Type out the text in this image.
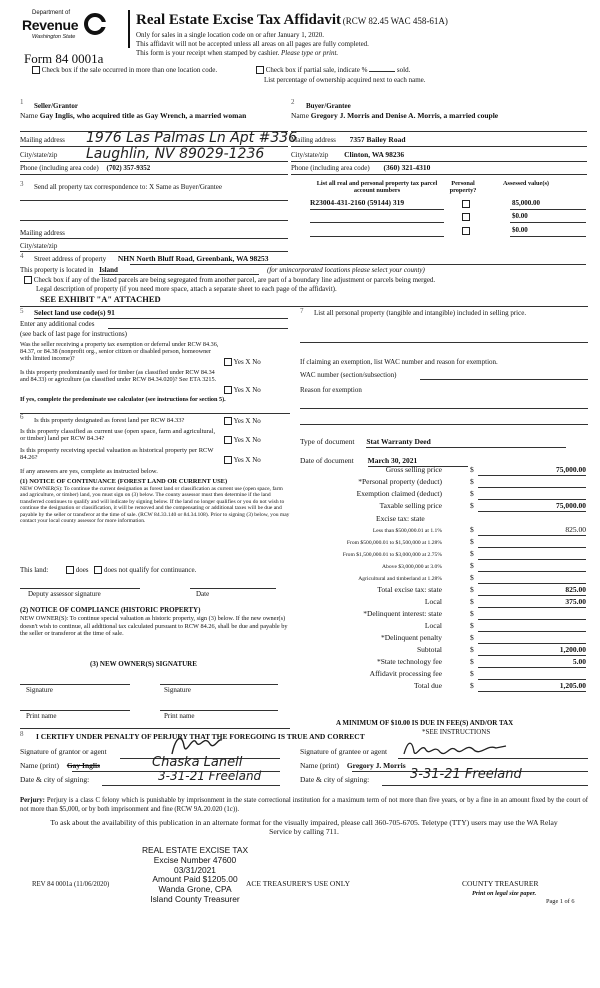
Department of
Revenue
Washington State
Form 84 0001a
Real Estate Excise Tax Affidavit (RCW 82.45 WAC 458-61A)
Only for sales in a single location code on or after January 1, 2020.
This affidavit will not be accepted unless all areas on all pages are fully completed.
This form is your receipt when stamped by cashier. Please type or print.
Check box if the sale occurred in more than one location code.	Check box if partial sale, indicate %	sold.
List percentage of ownership acquired next to each name.
1 Seller/Grantor
Name Gay Inglis, who acquired title as Gay Wrench, a married woman
Mailing address 1976 Las Palmas Ln Apt #336
City/state/zip Laughlin, NV 89029-1236
Phone (including area code) (702) 357-9352
2 Buyer/Grantee
Name Gregory J. Morris and Denise A. Morris, a married couple
Mailing address 7357 Bailey Road
City/state/zip Clinton, WA 98236
Phone (including area code) (360) 321-4310
3 Send all property tax correspondence to: X Same as Buyer/Grantee
Mailing address
City/state/zip
List all real and personal property tax parcel account numbers
Personal property?
Assessed value(s)
R23004-431-2160 (59144) 319	85,000.00
$0.00
$0.00
4 Street address of property NHN North Bluff Road, Greenbank, WA 98253
This property is located in Island	(for unincorporated locations please select your county)
Check box if any of the listed parcels are being segregated from another parcel, are part of a boundary line adjustment or parcels being merged.
Legal description of property (if you need more space, attach a separate sheet to each page of the affidavit).
SEE EXHIBIT "A" ATTACHED
5 Select land use code(s) 91
Enter any additional codes
(see back of last page for instructions)
Was the seller receiving a property tax exemption or deferral under RCW 84.36, 84.37, or 84.38 (nonprofit org., senior citizen or disabled person, homeowner with limited income)?	Yes X No
Is this property predominantly used for timber (as classified under RCW 84.34 and 84.33) or agriculture (as classified under RCW 84.34.020)? See ETA 3215.
Yes X No
If yes, complete the predominate use calculator (see instructions for section 5).
6 Is this property designated as forest land per RCW 84.33?	Yes X No
Is this property classified as current use (open space, farm and agricultural, or timber) land per RCW 84.34?	Yes X No
Is this property receiving special valuation as historical property per RCW 84.26?	Yes X No
If any answers are yes, complete as instructed below.
(1) NOTICE OF CONTINUANCE (FOREST LAND OR CURRENT USE)
NEW OWNER(S): To continue the current designation as forest land or classification as current use (open space, farm and agriculture, or timber) land, you must sign on (3) below. The county assessor must then determine if the land transferred continues to qualify and will indicate by signing below. If the land no longer qualifies or you do not wish to continue the designation or classification, it will be removed and the compensating or additional taxes will be due and payable by the seller or transferor at the time of sale. (RCW 84.33.140 or 84.34.108). Prior to signing (3) below, you may contact your local county assessor for more information.
This land:	does does not qualify for continuance.
Deputy assessor signature	Date
(2) NOTICE OF COMPLIANCE (HISTORIC PROPERTY)
NEW OWNER(S): To continue special valuation as historic property, sign (3) below. If the new owner(s) doesn't wish to continue, all additional tax calculated pursuant to RCW 84.26, shall be due and payable by the seller or transferor at the time of sale.
(3) NEW OWNER(S) SIGNATURE
Signature	Signature
Print name	Print name
7 List all personal property (tangible and intangible) included in selling price.
If claiming an exemption, list WAC number and reason for exemption.
WAC number (section/subsection)
Reason for exemption
Type of document Stat Warranty Deed
Date of document March 30, 2021
Gross selling price	$	75,000.00
*Personal property (deduct)	$
Exemption claimed (deduct)	$
Taxable selling price	$	75,000.00
Excise tax: state
Less than $500,000.01 at 1.1%	$	825.00
From $500,000.01 to $1,500,000 at 1.28%	$
From $1,500,000.01 to $3,000,000 at 2.75%	$
Above $3,000,000 at 3.0%	$
Agricultural and timberland at 1.28%	$
Total excise tax: state	$	825.00
Local	$	375.00
*Delinquent interest: state	$
Local	$
*Delinquent penalty	$
Subtotal	$	1,200.00
*State technology fee	$	5.00
Affidavit processing fee	$
Total due	$	1,205.00
A MINIMUM OF $10.00 IS DUE IN FEE(S) AND/OR TAX
*SEE INSTRUCTIONS
8 I CERTIFY UNDER PENALTY OF PERJURY THAT THE FOREGOING IS TRUE AND CORRECT
Signature of grantor or agent
Name (print) Gay Inglis	Chaska Lanell
Date & city of signing:	3-31-21 Freeland
Signature of grantee or agent
Name (print) Gregory J. Morris
Date & city of signing:	3-31-21 Freeland
Perjury: Perjury is a class C felony which is punishable by imprisonment in the state correctional institution for a maximum term of not more than five years, or by a fine in an amount fixed by the court of not more than $5,000, or by both imprisonment and fine (RCW 9A.20.020 (1c)).
To ask about the availability of this publication in an alternate format for the visually impaired, please call 360-705-6705. Teletype (TTY) users may use the WA Relay Service by calling 711.
REAL ESTATE EXCISE TAX
Excise Number 47600
03/31/2021
Amount Paid $1205.00
Wanda Grone, CPA
Island County Treasurer
REV 84 0001a (11/06/2020)	ACE TREASURER'S USE ONLY	COUNTY TREASURER
Print on legal size paper.
Page 1 of 6
